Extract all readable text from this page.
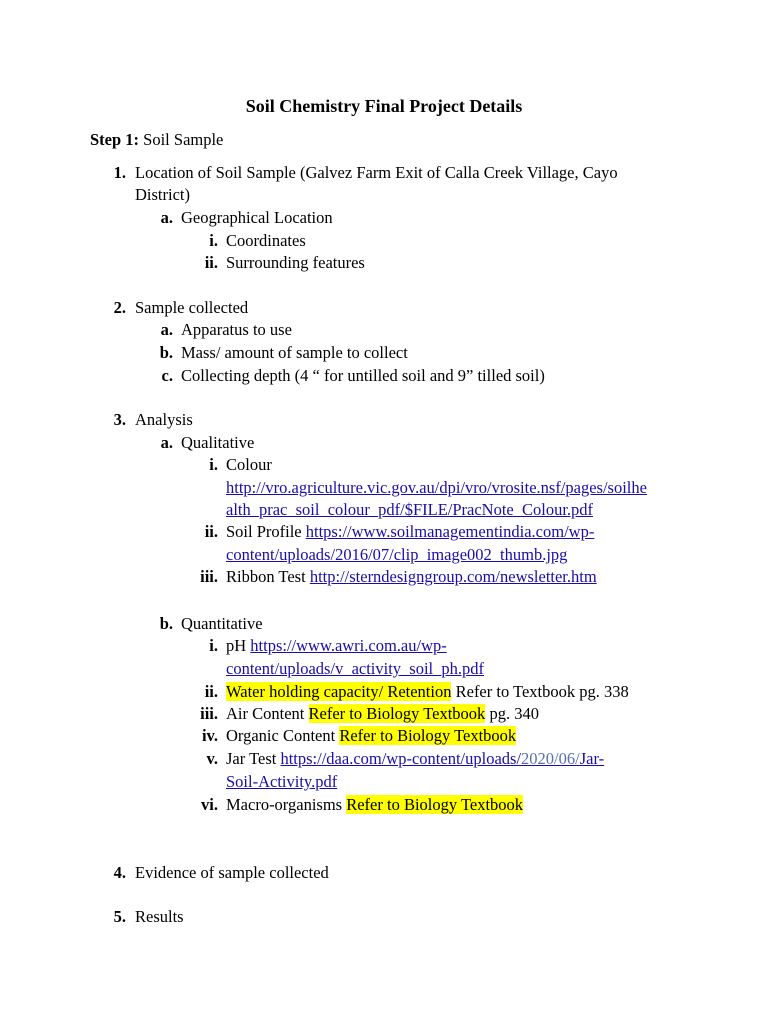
Soil Chemistry Final Project Details
Step 1: Soil Sample
1. Location of Soil Sample (Galvez Farm Exit of Calla Creek Village, Cayo
District)
a. Geographical Location
i. Coordinates
ii. Surrounding features
2. Sample collected
a. Apparatus to use
b. Mass/ amount of sample to collect
c. Collecting depth (4 “ for untilled soil and 9” tilled soil)
3. Analysis
a. Qualitative
i. Colour
http://vro.agriculture.vic.gov.au/dpi/vro/vrosite.nsf/pages/soilhe
alth_prac_soil_colour_pdf/$FILE/PracNote_Colour.pdf
ii. Soil Profile https://www.soilmanagementindia.com/wp-
content/uploads/2016/07/clip_image002_thumb.jpg
iii. Ribbon Test http://sterndesigngroup.com/newsletter.htm
b. Quantitative
i. pH https://www.awri.com.au/wp-
content/uploads/v_activity_soil_ph.pdf
ii. Water holding capacity/ Retention Refer to Textbook pg. 338
iii. Air Content Refer to Biology Textbook pg. 340
iv. Organic Content Refer to Biology Textbook
v. Jar Test https://daa.com/wp-content/uploads/2020/06/Jar-
Soil-Activity.pdf
vi. Macro-organisms Refer to Biology Textbook
4. Evidence of sample collected
5. Results
